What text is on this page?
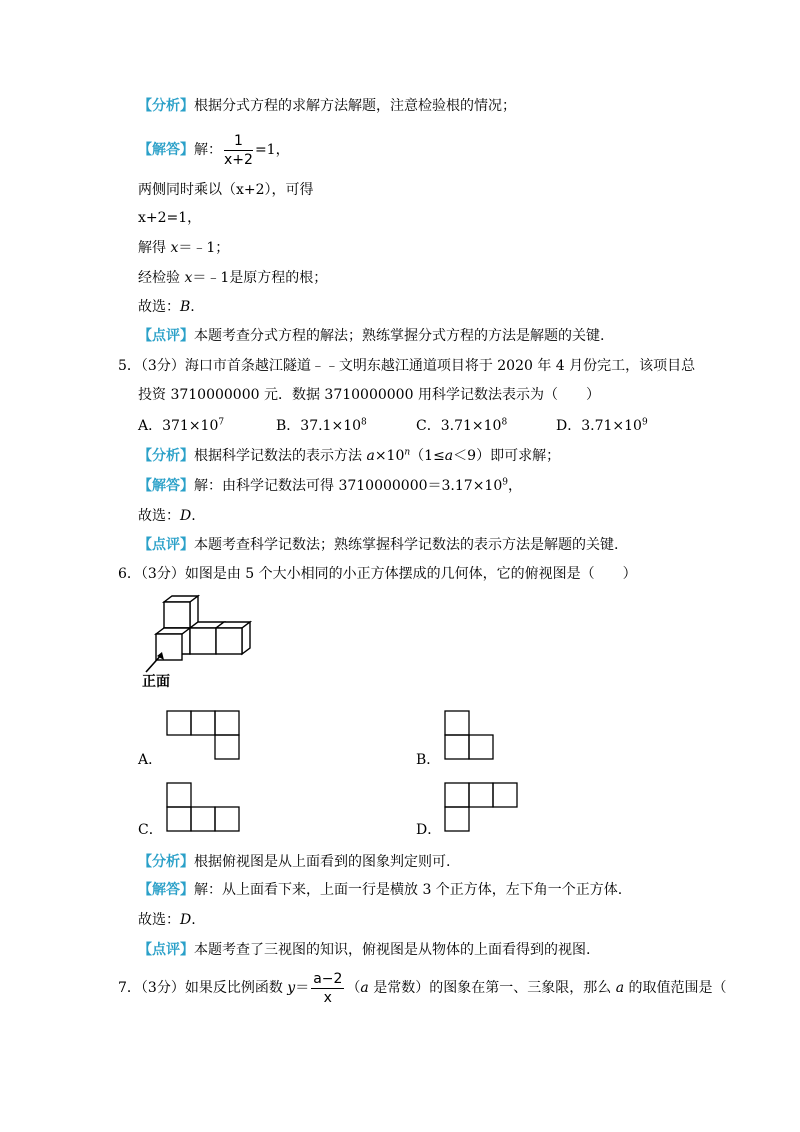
【分析】根据分式方程的求解方法解题，注意检验根的情况；
【解答】解： $\frac{1}{x+2} =1$，
两侧同时乘以（x+2），可得
x+2=1，
解得 x＝﹣1；
经检验 x＝﹣1是原方程的根；
故选：B.
【点评】本题考查分式方程的解法；熟练掌握分式方程的方法是解题的关键.
5．（3分）海口市首条越江隧道﹣﹣文明东越江通道项目将于 2020 年 4 月份完工，该项目总
投资 3710000000 元．数据 3710000000 用科学记数法表示为（　　）
A．$371\times 10^7$	B．$37.1\times 10^8$	C．$3.71\times 10^8$	D．$3.71\times 10^9$
【分析】根据科学记数法的表示方法 $a\times 10^n(1\le a<9)$即可求解；
【解答】解：由科学记数法可得 $3710000000=3.17\times 10^9$，
故选：D.
【点评】本题考查科学记数法；熟练掌握科学记数法的表示方法是解题的关键.
6．（3分）如图是由 5 个大小相同的小正方体摆成的几何体，它的俯视图是（　　）
正面
A．	B．
C．	D．
【分析】根据俯视图是从上面看到的图象判定则可.
【解答】解：从上面看下来，上面一行是横放 3 个正方体，左下角一个正方体.
故选：D.
【点评】本题考查了三视图的知识，俯视图是从物体的上面看得到的视图.
7．（3分）如果反比例函数 $y= \frac{a-2}{x} (a$ 是常数）的图象在第一、三象限，那么 a 的取值范围是（
